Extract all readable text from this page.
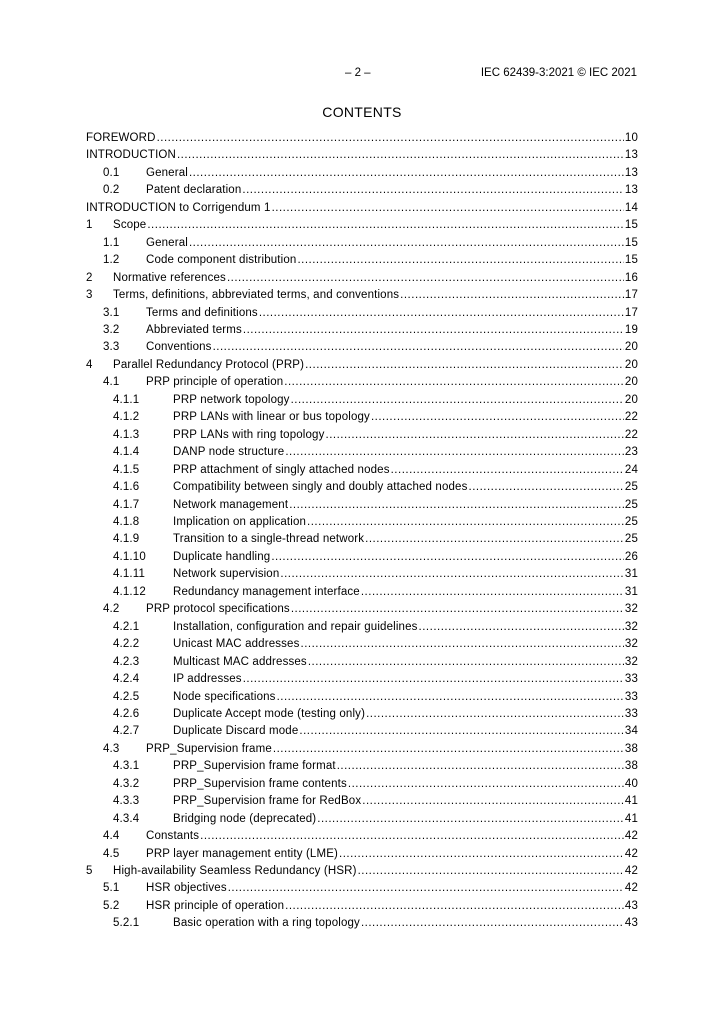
– 2 –	IEC 62439-3:2021 © IEC 2021
CONTENTS
FOREWORD .....	10
INTRODUCTION .....	13
0.1	General .....	13
0.2	Patent declaration .....	13
INTRODUCTION to Corrigendum 1 .....	14
1	Scope .....	15
1.1	General .....	15
1.2	Code component distribution .....	15
2	Normative references .....	16
3	Terms, definitions, abbreviated terms, and conventions .....	17
3.1	Terms and definitions .....	17
3.2	Abbreviated terms .....	19
3.3	Conventions .....	20
4	Parallel Redundancy Protocol (PRP) .....	20
4.1	PRP principle of operation .....	20
4.1.1	PRP network topology .....	20
4.1.2	PRP LANs with linear or bus topology .....	22
4.1.3	PRP LANs with ring topology .....	22
4.1.4	DANP node structure .....	23
4.1.5	PRP attachment of singly attached nodes .....	24
4.1.6	Compatibility between singly and doubly attached nodes .....	25
4.1.7	Network management .....	25
4.1.8	Implication on application .....	25
4.1.9	Transition to a single-thread network .....	25
4.1.10	Duplicate handling .....	26
4.1.11	Network supervision .....	31
4.1.12	Redundancy management interface .....	31
4.2	PRP protocol specifications .....	32
4.2.1	Installation, configuration and repair guidelines .....	32
4.2.2	Unicast MAC addresses .....	32
4.2.3	Multicast MAC addresses .....	32
4.2.4	IP addresses .....	33
4.2.5	Node specifications .....	33
4.2.6	Duplicate Accept mode (testing only) .....	33
4.2.7	Duplicate Discard mode .....	34
4.3	PRP_Supervision frame .....	38
4.3.1	PRP_Supervision frame format .....	38
4.3.2	PRP_Supervision frame contents .....	40
4.3.3	PRP_Supervision frame for RedBox .....	41
4.3.4	Bridging node (deprecated) .....	41
4.4	Constants .....	42
4.5	PRP layer management entity (LME) .....	42
5	High-availability Seamless Redundancy (HSR) .....	42
5.1	HSR objectives .....	42
5.2	HSR principle of operation .....	43
5.2.1	Basic operation with a ring topology .....	43
